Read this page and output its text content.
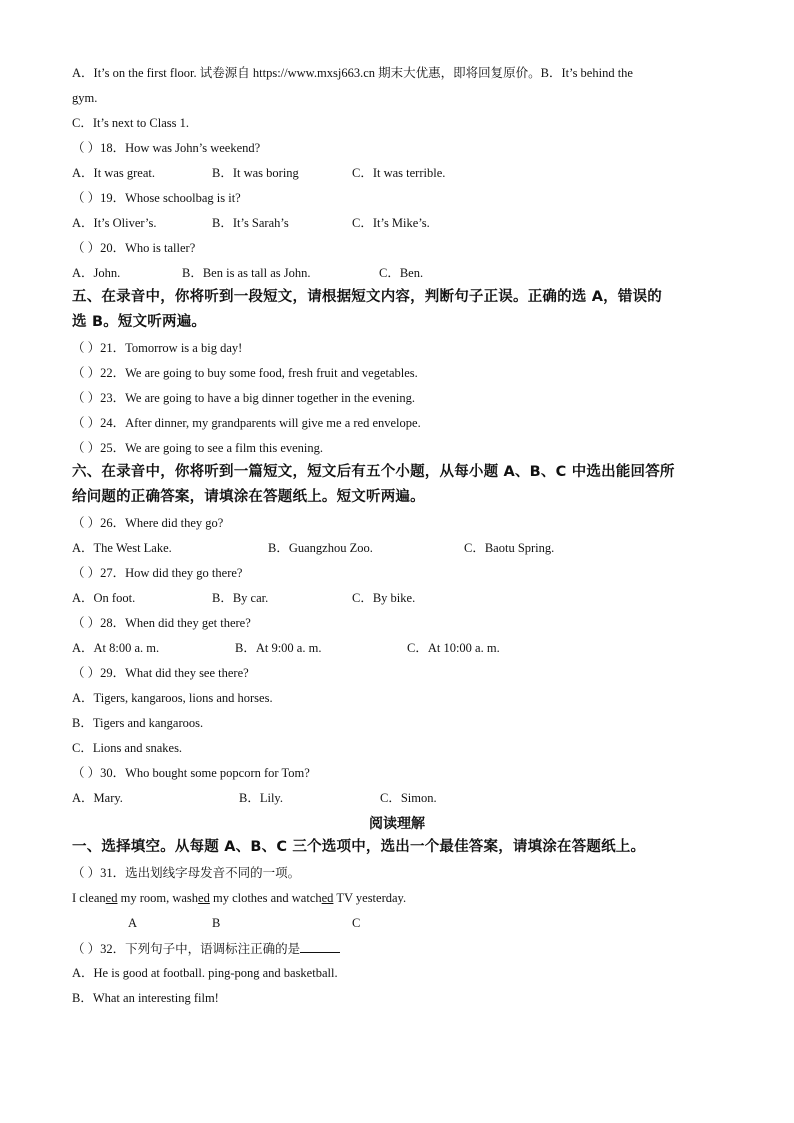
A．It’s on the first floor. 试卷源自 https://www.mxsj663.cn 期末大优惠，即将回复原价。B．It’s behind the
gym.
C．It’s next to Class 1.
（ ）18．How was John’s weekend?
A．It was great.	B．It was boring	C．It was terrible.
（ ）19．Whose schoolbag is it?
A．It’s Oliver’s.	B．It’s Sarah’s	C．It’s Mike’s.
（ ）20．Who is taller?
A．John.	B．Ben is as tall as John.	C．Ben.
五、在录音中，你将听到一段短文，请根据短文内容，判断句子正误。正确的选 A，错误的
选 B。短文听两遍。
（ ）21．Tomorrow is a big day!
（ ）22．We are going to buy some food, fresh fruit and vegetables.
（ ）23．We are going to have a big dinner together in the evening.
（ ）24．After dinner, my grandparents will give me a red envelope.
（ ）25．We are going to see a film this evening.
六、在录音中，你将听到一篇短文，短文后有五个小题，从每小题 A、B、C 中选出能回答所
给问题的正确答案，请填涂在答题纸上。短文听两遍。
（ ）26．Where did they go?
A．The West Lake.	B．Guangzhou Zoo.	C．Baotu Spring.
（ ）27．How did they go there?
A．On foot.	B．By car.	C．By bike.
（ ）28．When did they get there?
A．At 8:00 a. m.	B．At 9:00 a. m.	C．At 10:00 a. m.
（ ）29．What did they see there?
A．Tigers, kangaroos, lions and horses.
B．Tigers and kangaroos.
C．Lions and snakes.
（ ）30．Who bought some popcorn for Tom?
A．Mary.	B．Lily.	C．Simon.
阅读理解
一、选择填空。从每题 A、B、C 三个选项中，选出一个最佳答案，请填涂在答题纸上。
（ ）31．选出划线字母发音不同的一项。
I cleaned my room, washed my clothes and watched TV yesterday.
A	B	C
（ ）32．下列句子中，语调标注正确的是
A．He is good at football. ping-pong and basketball.
B．What an interesting film!
